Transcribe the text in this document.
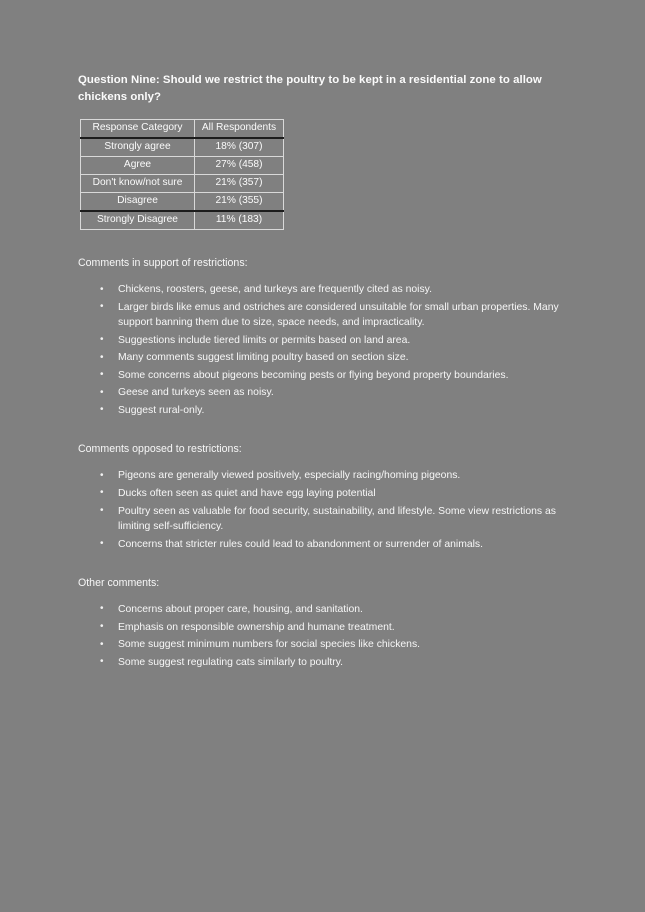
Question Nine: Should we restrict the poultry to be kept in a residential zone to allow chickens only?
Response Category	All Respondents
Strongly agree	18% (307)
Agree	27% (458)
Don't know/not sure	21% (357)
Disagree	21% (355)
Strongly Disagree	11% (183)

Comments in support of restrictions:

• Chickens, roosters, geese, and turkeys are frequently cited as noisy.
• Larger birds like emus and ostriches are considered unsuitable for small urban properties. Many support banning them due to size, space needs, and impracticality.
• Suggestions include tiered limits or permits based on land area.
• Many comments suggest limiting poultry based on section size.
• Some concerns about pigeons becoming pests or flying beyond property boundaries.
• Geese and turkeys seen as noisy.
• Suggest rural-only.

Comments opposed to restrictions:

• Pigeons are generally viewed positively, especially racing/homing pigeons.
• Ducks often seen as quiet and have egg laying potential
• Poultry seen as valuable for food security, sustainability, and lifestyle. Some view restrictions as limiting self-sufficiency.
• Concerns that stricter rules could lead to abandonment or surrender of animals.

Other comments:

• Concerns about proper care, housing, and sanitation.
• Emphasis on responsible ownership and humane treatment.
• Some suggest minimum numbers for social species like chickens.
• Some suggest regulating cats similarly to poultry.
